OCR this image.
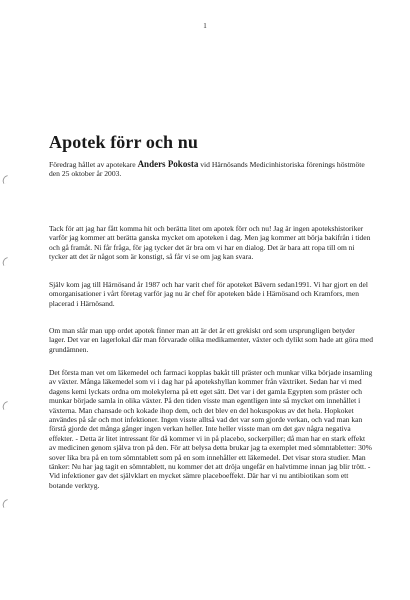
1
Apotek förr och nu

Föredrag hållet av apotekare Anders Pokosta vid Härnösands Medicinhistoriska förenings höstmöte den 25 oktober år 2003.

Tack för att jag har fått komma hit och berätta litet om apotek förr och nu! Jag är ingen apotekshistoriker varför jag kommer att berätta ganska mycket om apoteken i dag. Men jag kommer att börja bakifrån i tiden och gå framåt. Ni får fråga, för jag tycker det är bra om vi har en dialog. Det är bara att ropa till om ni tycker att det är något som är konstigt, så får vi se om jag kan svara.

Själv kom jag till Härnösand år 1987 och har varit chef för apoteket Bävern sedan1991. Vi har gjort en del omorganisationer i vårt företag varför jag nu är chef för apoteken både i Härnösand och Kramfors, men placerad i Härnösand.

Om man slår man upp ordet apotek finner man att är det är ett grekiskt ord som ursprungligen betyder lager. Det var en lagerlokal där man förvarade olika medikamenter, växter och dylikt som hade att göra med grundämnen.

Det första man vet om läkemedel och farmaci kopplas bakåt till präster och munkar vilka började insamling av växter. Många läkemedel som vi i dag har på apotekshyllan kommer från växtriket. Sedan har vi med dagens kemi lyckats ordna om molekylerna på ett eget sätt. Det var i det gamla Egypten som präster och munkar började samla in olika växter. På den tiden visste man egentligen inte så mycket om innehållet i växterna. Man chansade och kokade ihop dem, och det blev en del hokuspokus av det hela. Hopkoket användes på sår och mot infektioner. Ingen visste alltså vad det var som gjorde verkan, och vad man kan förstå gjorde det många gånger ingen verkan heller. Inte heller visste man om det gav några negativa effekter. - Detta är litet intressant för då kommer vi in på placebo, sockerpiller; då man har en stark effekt av medicinen genom själva tron på den. För att belysa detta brukar jag ta exemplet med sömntabletter: 30% sover lika bra på en tom sömntablett som på en som innehåller ett läkemedel. Det visar stora studier. Man tänker: Nu har jag tagit en sömntablett, nu kommer det att dröja ungefär en halvtimme innan jag blir trött. - Vid infektioner gav det självklart en mycket sämre placeboeffekt. Där har vi nu antibiotikan som ett botande verktyg.
